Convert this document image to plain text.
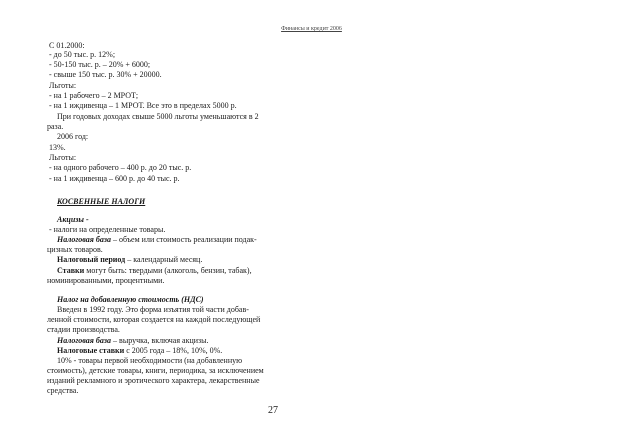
Финансы и кредит 2006

С 01.2000:

- до 50 тыс. р. 12%;

- 50-150 тыс. р. – 20% + 6000;

- свыше 150 тыс. р. 30% + 20000.

Льготы:

- на 1 рабочего – 2 МРОТ;

- на 1 иждивенца – 1 МРОТ. Все это в пределах 5000 р.

При годовых доходах свыше 5000 льготы уменьшаются в 2

раза.

2006 год:

13%.

Льготы:

- на одного рабочего – 400 р. до 20 тыс. р.

- на 1 иждивенца – 600 р. до 40 тыс. р.

КОСВЕННЫЕ НАЛОГИ

Акцизы -

- налоги на определенные товары.

Налоговая база – объем или стоимость реализации подак-

цизных товаров.

Налоговый период – календарный месяц.

Ставки могут быть: твердыми (алкоголь, бензин, табак),

номинированными, процентными.

Налог на добавленную стоимость (НДС)

Введен в 1992 году. Это форма изъятия той части добав-

ленной стоимости, которая создается на каждой последующей

стадии производства.

Налоговая база – выручка, включая акцизы.

Налоговые ставки с 2005 года – 18%, 10%, 0%.

10% - товары первой необходимости (на добавленную

стоимость), детские товары, книги, периодика, за исключением

изданий рекламного и эротического характера, лекарственные

средства.

27
